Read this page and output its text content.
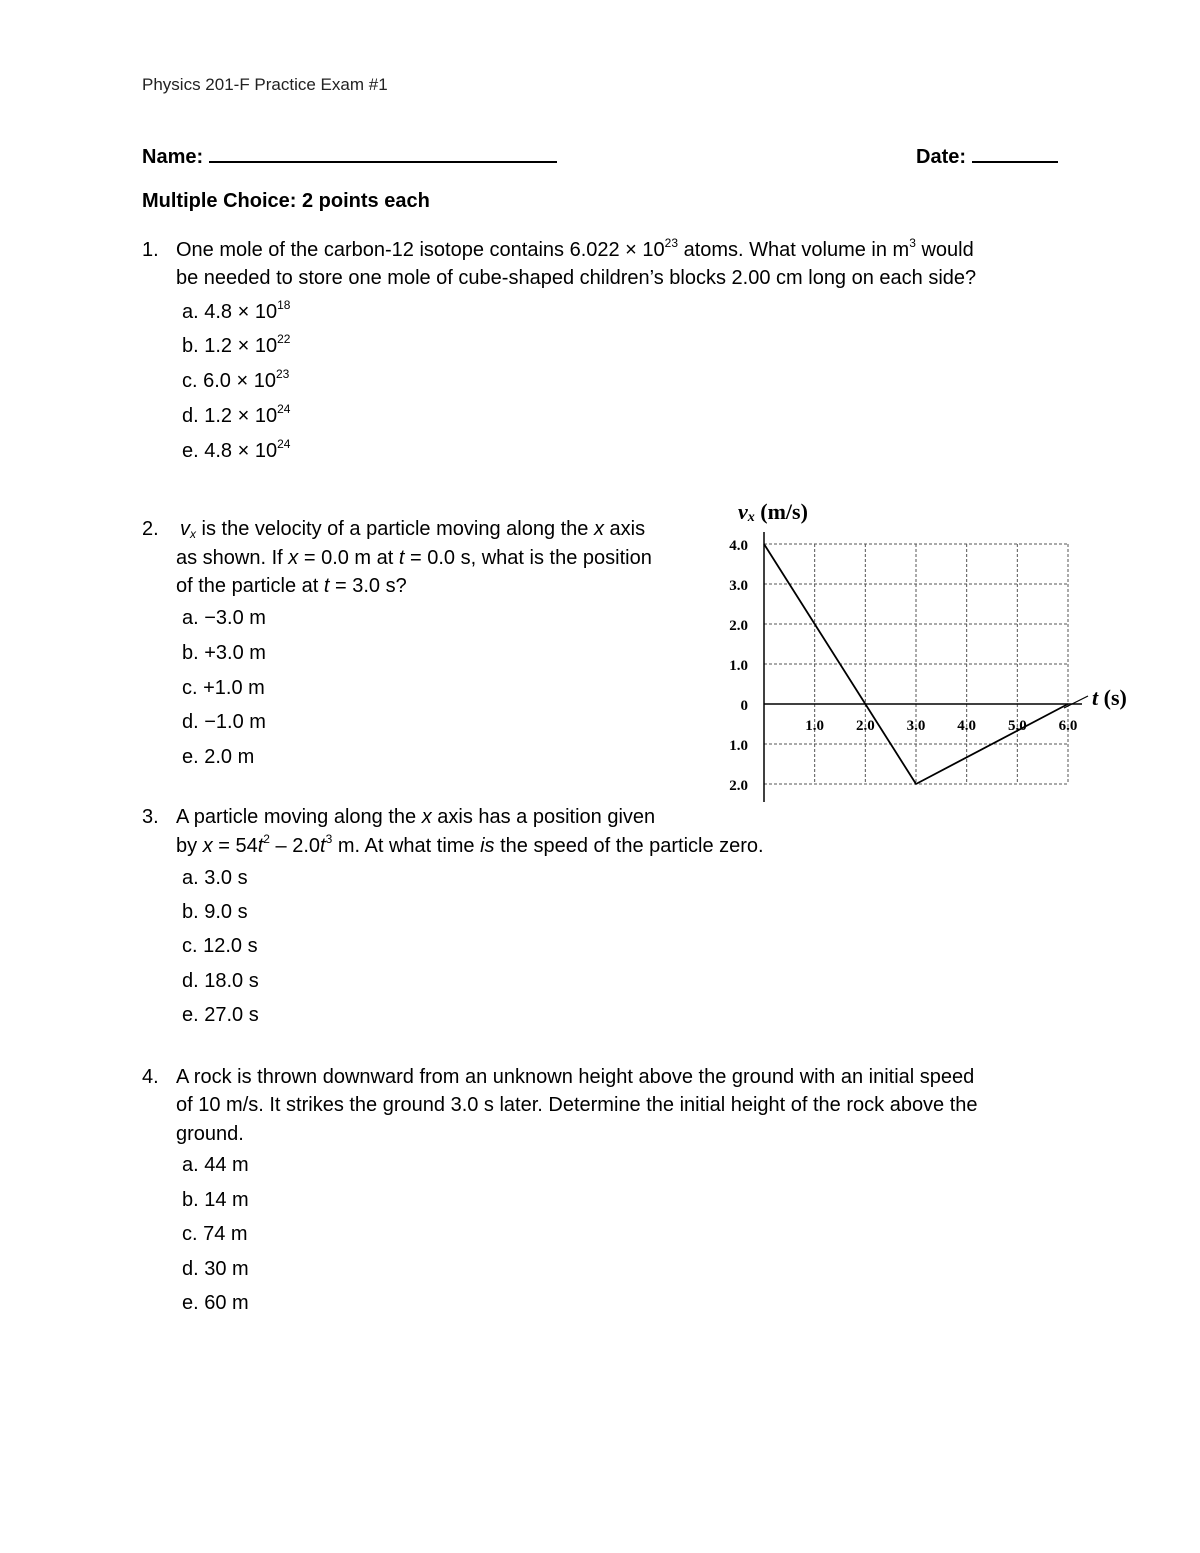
Physics 201-F Practice Exam #1
Name:	Date:
Multiple Choice: 2 points each
1. One mole of the carbon-12 isotope contains $6.022 \times 10^{23}$ atoms. What volume in $m^3$ would
be needed to store one mole of cube-shaped children’s blocks 2.00 cm long on each side?
a. $4.8 \times 10^{18}$
b. $1.2 \times 10^{22}$
c. $6.0 \times 10^{23}$
d. $1.2 \times 10^{24}$
e. $4.8 \times 10^{24}$
2. $v_x$ is the velocity of a particle moving along the x axis
as shown. If x = 0.0 m at t = 0.0 s, what is the position
of the particle at t = 3.0 s?
a. −3.0 m
b. +3.0 m
c. +1.0 m
d. −1.0 m
e. 2.0 m
4.0
3.0
2.0
1.0
0
1.0
2.0
1.0 2.0 3.0 4.0 5.0 6.0
vx (m/s)
t (s)
3. A particle moving along the x axis has a position given
by $x = 54t^2 - 2.0t^3$ m. At what time is the speed of the particle zero.
a. 3.0 s
b. 9.0 s
c. 12.0 s
d. 18.0 s
e. 27.0 s
4. A rock is thrown downward from an unknown height above the ground with an initial speed
of 10 m/s. It strikes the ground 3.0 s later. Determine the initial height of the rock above the
ground.
a. 44 m
b. 14 m
c. 74 m
d. 30 m
e. 60 m
